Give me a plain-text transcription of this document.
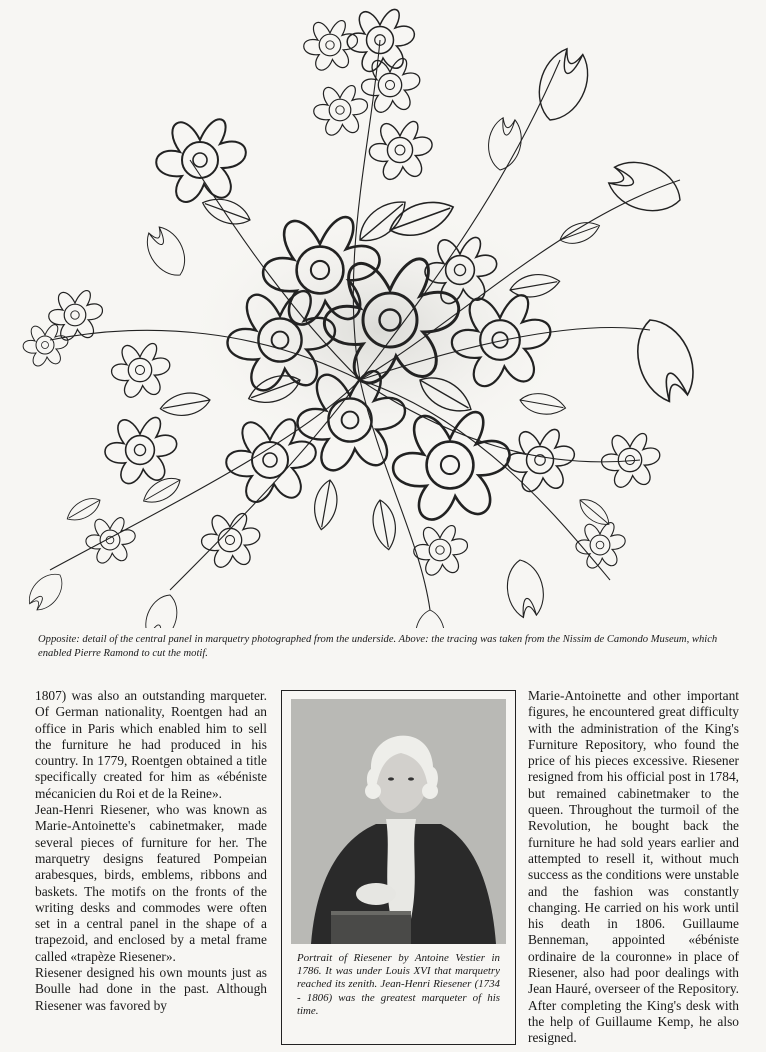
Opposite: detail of the central panel in marquetry photographed from the underside. Above: the tracing was taken from the Nissim de Camondo Museum, which enabled Pierre Ramond to cut the motif.

1807) was also an outstanding marqueter. Of German nationality, Roentgen had an office in Paris which enabled him to sell the furniture he had produced in his country. In 1779, Roentgen obtained a title specifically created for him as «ébéniste mécanicien du Roi et de la Reine».

Jean-Henri Riesener, who was known as Marie-Antoinette's cabinetmaker, made several pieces of furniture for her. The marquetry designs featured Pompeian arabesques, birds, emblems, ribbons and baskets. The motifs on the fronts of the writing desks and commodes were often set in a central panel in the shape of a trapezoid, and enclosed by a metal frame called «trapèze Riesener».

Riesener designed his own mounts just as Boulle had done in the past. Although Riesener was favored by

Portrait of Riesener by Antoine Vestier in 1786. It was under Louis XVI that marquetry reached its zenith. Jean-Henri Riesener (1734 - 1806) was the greatest marqueter of his time.

Marie-Antoinette and other important figures, he encountered great difficulty with the administration of the King's Furniture Repository, who found the price of his pieces excessive. Riesener resigned from his official post in 1784, but remained cabinetmaker to the queen. Throughout the turmoil of the Revolution, he bought back the furniture he had sold years earlier and attempted to resell it, without much success as the conditions were unstable and the fashion was constantly changing. He carried on his work until his death in 1806. Guillaume Benneman, appointed «ébéniste ordinaire de la couronne» in place of Riesener, also had poor dealings with Jean Hauré, overseer of the Repository. After completing the King's desk with the help of Guillaume Kemp, he also resigned.
